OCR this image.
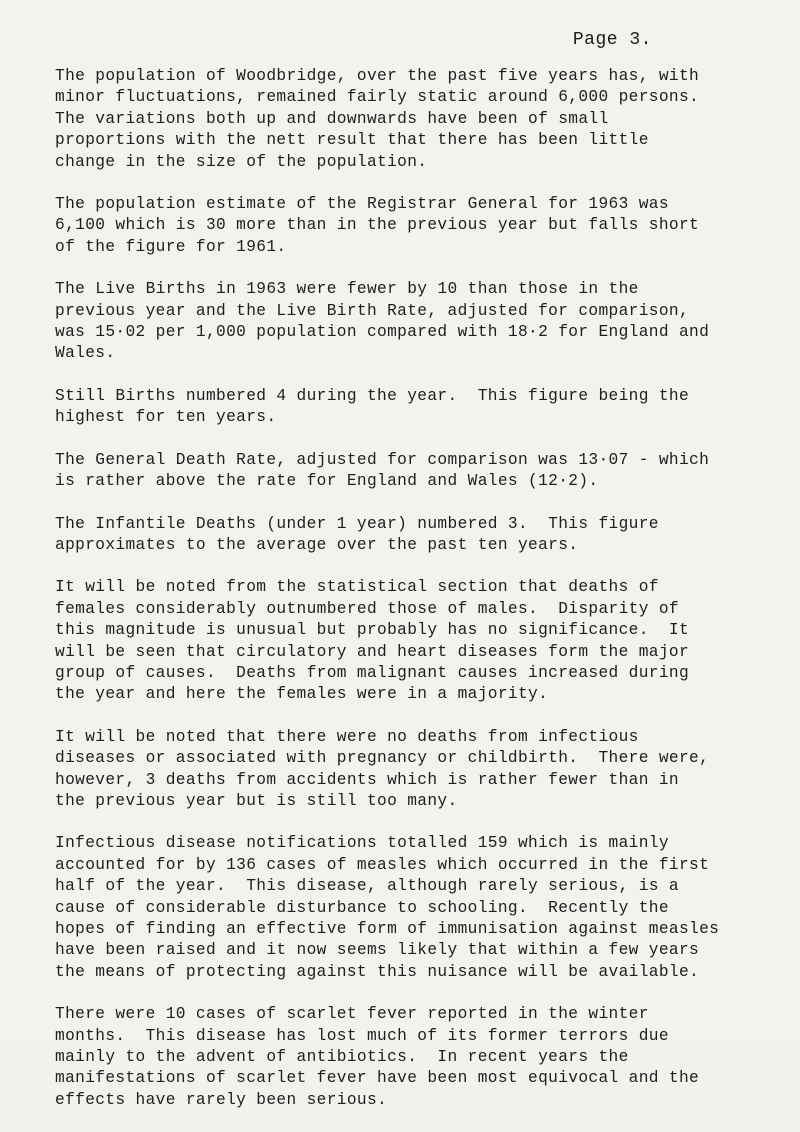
Page 3.
The population of Woodbridge, over the past five years has, with
minor fluctuations, remained fairly static around 6,000 persons.
The variations both up and downwards have been of small
proportions with the nett result that there has been little
change in the size of the population.
The population estimate of the Registrar General for 1963 was
6,100 which is 30 more than in the previous year but falls short
of the figure for 1961.
The Live Births in 1963 were fewer by 10 than those in the
previous year and the Live Birth Rate, adjusted for comparison,
was 15·02 per 1,000 population compared with 18·2 for England and
Wales.
Still Births numbered 4 during the year.  This figure being the
highest for ten years.
The General Death Rate, adjusted for comparison was 13·07 - which
is rather above the rate for England and Wales (12·2).
The Infantile Deaths (under 1 year) numbered 3.  This figure
approximates to the average over the past ten years.
It will be noted from the statistical section that deaths of
females considerably outnumbered those of males.  Disparity of
this magnitude is unusual but probably has no significance.  It
will be seen that circulatory and heart diseases form the major
group of causes.  Deaths from malignant causes increased during
the year and here the females were in a majority.
It will be noted that there were no deaths from infectious
diseases or associated with pregnancy or childbirth.  There were,
however, 3 deaths from accidents which is rather fewer than in
the previous year but is still too many.
Infectious disease notifications totalled 159 which is mainly
accounted for by 136 cases of measles which occurred in the first
half of the year.  This disease, although rarely serious, is a
cause of considerable disturbance to schooling.  Recently the
hopes of finding an effective form of immunisation against measles
have been raised and it now seems likely that within a few years
the means of protecting against this nuisance will be available.
There were 10 cases of scarlet fever reported in the winter
months.  This disease has lost much of its former terrors due
mainly to the advent of antibiotics.  In recent years the
manifestations of scarlet fever have been most equivocal and the
effects have rarely been serious.
